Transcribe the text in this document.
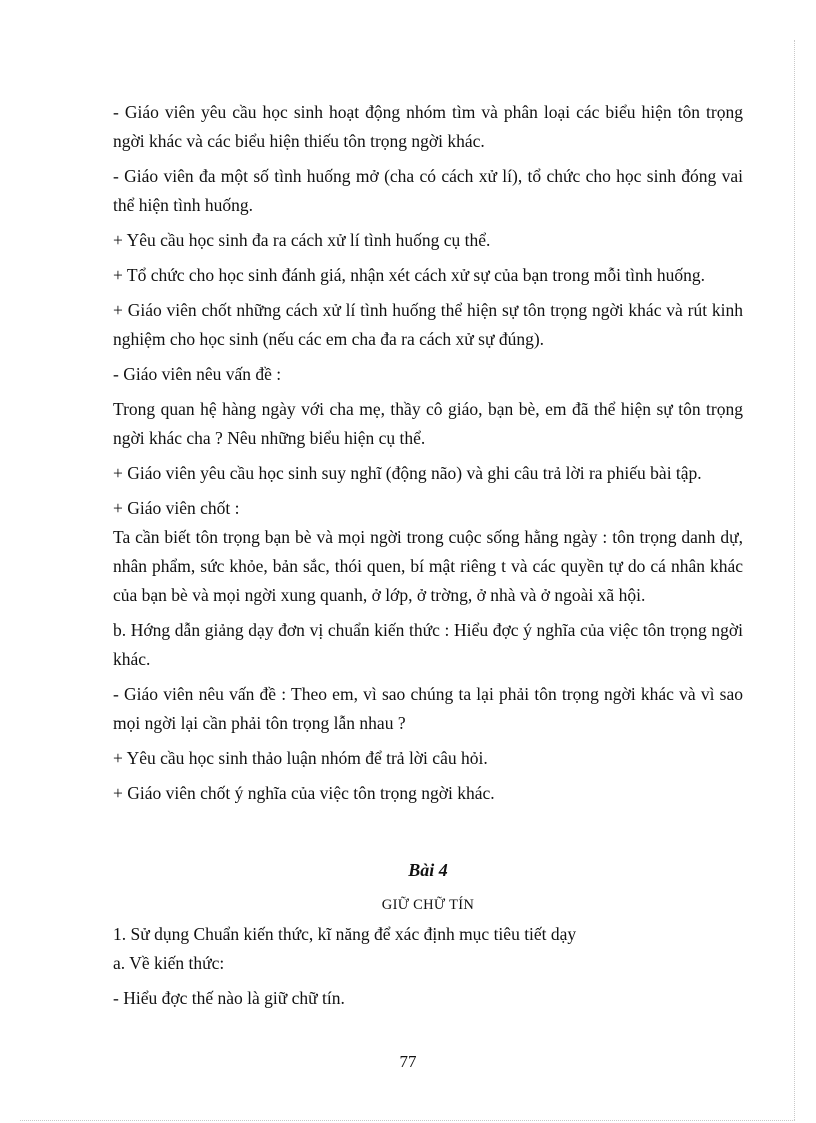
- Giáo viên yêu cầu học sinh hoạt động nhóm tìm và phân loại các biểu hiện tôn trọng ngời khác và các biểu hiện thiếu tôn trọng ngời khác.

- Giáo viên đa một số tình huống mở (cha có cách xử lí), tổ chức cho học sinh đóng vai thể hiện tình huống.

+ Yêu cầu học sinh đa ra cách xử lí tình huống cụ thể.

+ Tổ chức cho học sinh đánh giá, nhận xét cách xử sự của bạn trong mỗi tình huống.

+ Giáo viên chốt những cách xử lí tình huống thể hiện sự tôn trọng ngời khác và rút kinh nghiệm cho học sinh (nếu các em cha đa ra cách xử sự đúng).

- Giáo viên nêu vấn đề :

Trong quan hệ hàng ngày với cha mẹ, thầy cô giáo, bạn bè, em đã thể hiện sự tôn trọng ngời khác cha ? Nêu những biểu hiện cụ thể.

+ Giáo viên yêu cầu học sinh suy nghĩ (động não) và ghi câu trả lời ra phiếu bài tập.

+ Giáo viên chốt :

Ta cần biết tôn trọng bạn bè và mọi ngời trong cuộc sống hằng ngày : tôn trọng danh dự, nhân phẩm, sức khỏe, bản sắc, thói quen, bí mật riêng t và các quyền tự do cá nhân khác của bạn bè và mọi ngời xung quanh, ở lớp, ở trờng, ở nhà và ở ngoài xã hội.

b. Hớng dẫn giảng dạy đơn vị chuẩn kiến thức : Hiểu đợc ý nghĩa của việc tôn trọng ngời khác.

- Giáo viên nêu vấn đề : Theo em, vì sao chúng ta lại phải tôn trọng ngời khác và vì sao mọi ngời lại cần phải tôn trọng lẫn nhau ?

+ Yêu cầu học sinh thảo luận nhóm để trả lời câu hỏi.

+ Giáo viên chốt ý nghĩa của việc tôn trọng ngời khác.

Bài 4
GIỮ CHỮ TÍN

1. Sử dụng Chuẩn kiến thức, kĩ năng để xác định mục tiêu tiết dạy

a. Về kiến thức:

- Hiểu đợc thế nào là giữ chữ tín.

77
